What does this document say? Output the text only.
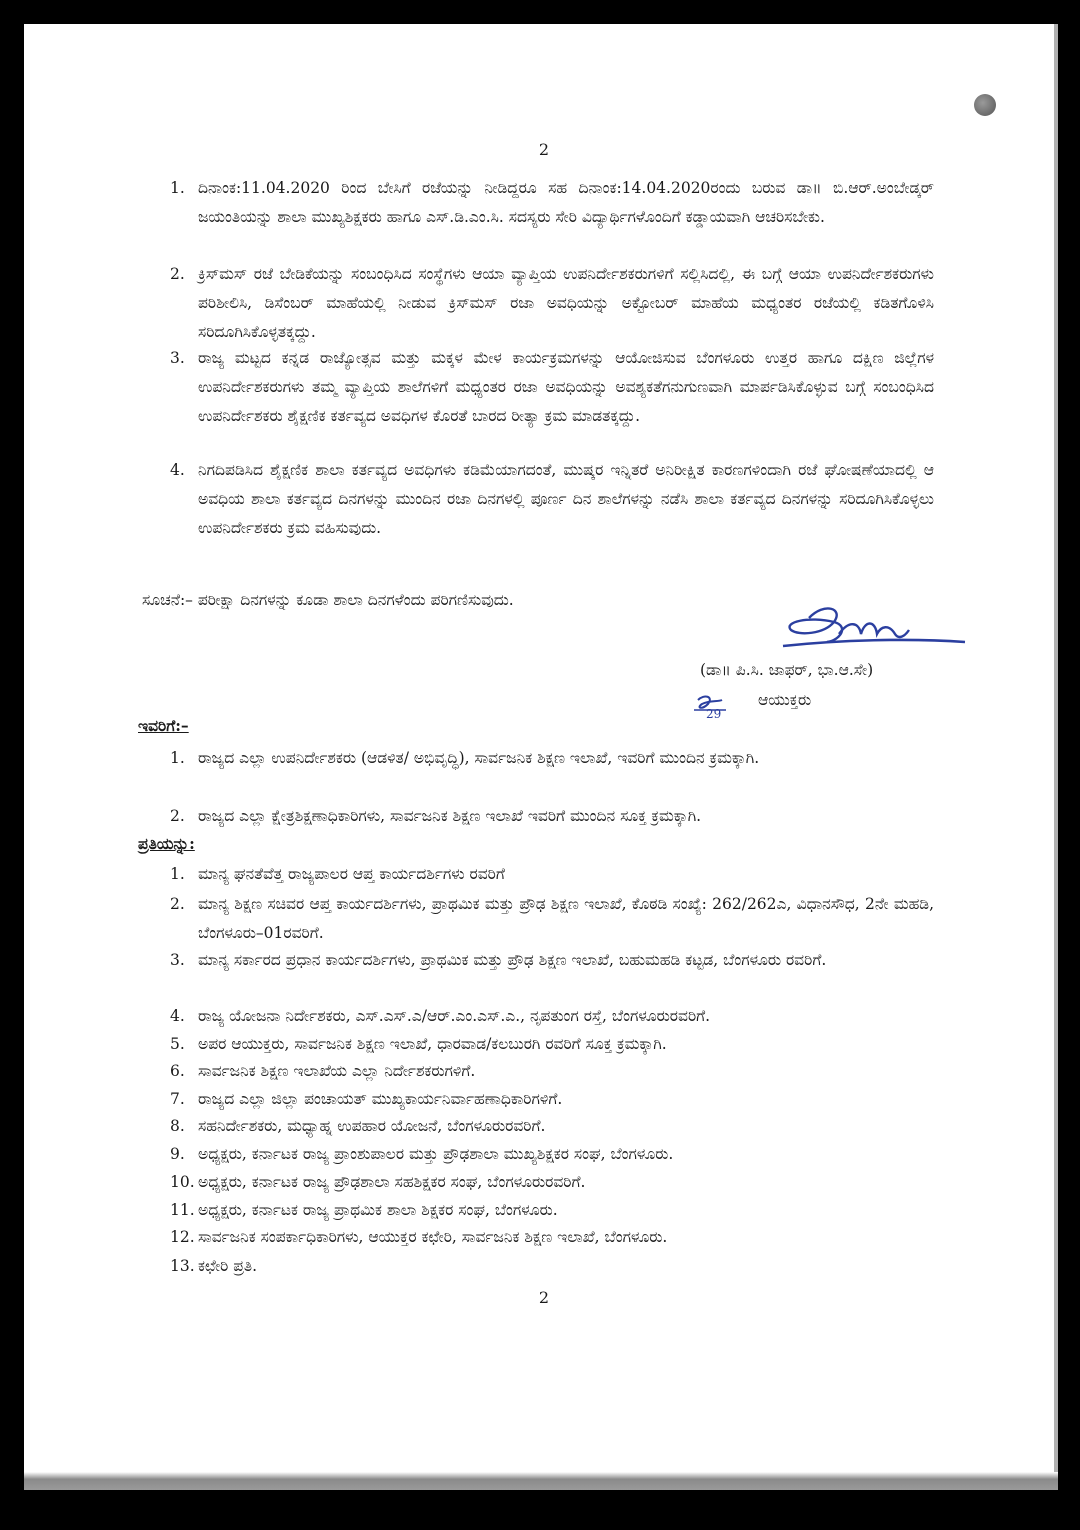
2
1. ದಿನಾಂಕ:11.04.2020 ರಿಂದ ಬೇಸಿಗೆ ರಜೆಯನ್ನು ನೀಡಿದ್ದರೂ ಸಹ ದಿನಾಂಕ:14.04.2020ರಂದು ಬರುವ ಡಾ॥ ಬಿ.ಆರ್.ಅಂಬೇಡ್ಕರ್ ಜಯಂತಿಯನ್ನು ಶಾಲಾ ಮುಖ್ಯಶಿಕ್ಷಕರು ಹಾಗೂ ಎಸ್.ಡಿ.ಎಂ.ಸಿ. ಸದಸ್ಯರು ಸೇರಿ ವಿದ್ಯಾರ್ಥಿಗಳೊಂದಿಗೆ ಕಡ್ಡಾಯವಾಗಿ ಆಚರಿಸಬೇಕು.
2. ಕ್ರಿಸ್‌ಮಸ್ ರಜೆ ಬೇಡಿಕೆಯನ್ನು ಸಂಬಂಧಿಸಿದ ಸಂಸ್ಥೆಗಳು ಆಯಾ ವ್ಯಾಪ್ತಿಯ ಉಪನಿರ್ದೇಶಕರುಗಳಿಗೆ ಸಲ್ಲಿಸಿದಲ್ಲಿ, ಈ ಬಗ್ಗೆ ಆಯಾ ಉಪನಿರ್ದೇಶಕರುಗಳು ಪರಿಶೀಲಿಸಿ, ಡಿಸೆಂಬರ್ ಮಾಹೆಯಲ್ಲಿ ನೀಡುವ ಕ್ರಿಸ್‌ಮಸ್ ರಜಾ ಅವಧಿಯನ್ನು ಅಕ್ಟೋಬರ್ ಮಾಹೆಯ ಮಧ್ಯಂತರ ರಜೆಯಲ್ಲಿ ಕಡಿತಗೊಳಿಸಿ ಸರಿದೂಗಿಸಿಕೊಳ್ಳತಕ್ಕದ್ದು.
3. ರಾಜ್ಯ ಮಟ್ಟದ ಕನ್ನಡ ರಾಜ್ಯೋತ್ಸವ ಮತ್ತು ಮಕ್ಕಳ ಮೇಳ ಕಾರ್ಯಕ್ರಮಗಳನ್ನು ಆಯೋಜಿಸುವ ಬೆಂಗಳೂರು ಉತ್ತರ ಹಾಗೂ ದಕ್ಷಿಣ ಜಿಲ್ಲೆಗಳ ಉಪನಿರ್ದೇಶಕರುಗಳು ತಮ್ಮ ವ್ಯಾಪ್ತಿಯ ಶಾಲೆಗಳಿಗೆ ಮಧ್ಯಂತರ ರಜಾ ಅವಧಿಯನ್ನು ಅವಶ್ಯಕತೆಗನುಗುಣವಾಗಿ ಮಾರ್ಪಡಿಸಿಕೊಳ್ಳುವ ಬಗ್ಗೆ ಸಂಬಂಧಿಸಿದ ಉಪನಿರ್ದೇಶಕರು ಶೈಕ್ಷಣಿಕ ಕರ್ತವ್ಯದ ಅವಧಿಗಳ ಕೊರತೆ ಬಾರದ ರೀತ್ಯಾ ಕ್ರಮ ಮಾಡತಕ್ಕದ್ದು.
4. ನಿಗದಿಪಡಿಸಿದ ಶೈಕ್ಷಣಿಕ ಶಾಲಾ ಕರ್ತವ್ಯದ ಅವಧಿಗಳು ಕಡಿಮೆಯಾಗದಂತೆ, ಮುಷ್ಕರ ಇನ್ನಿತರೆ ಅನಿರೀಕ್ಷಿತ ಕಾರಣಗಳಿಂದಾಗಿ ರಜೆ ಘೋಷಣೆಯಾದಲ್ಲಿ ಆ ಅವಧಿಯ ಶಾಲಾ ಕರ್ತವ್ಯದ ದಿನಗಳನ್ನು ಮುಂದಿನ ರಜಾ ದಿನಗಳಲ್ಲಿ ಪೂರ್ಣ ದಿನ ಶಾಲೆಗಳನ್ನು ನಡೆಸಿ ಶಾಲಾ ಕರ್ತವ್ಯದ ದಿನಗಳನ್ನು ಸರಿದೂಗಿಸಿಕೊಳ್ಳಲು ಉಪನಿರ್ದೇಶಕರು ಕ್ರಮ ವಹಿಸುವುದು.
ಸೂಚನೆ:– ಪರೀಕ್ಷಾ ದಿನಗಳನ್ನು ಕೂಡಾ ಶಾಲಾ ದಿನಗಳೆಂದು ಪರಿಗಣಿಸುವುದು.
(ಡಾ॥ ಪಿ.ಸಿ. ಜಾಫರ್, ಭಾ.ಆ.ಸೇ)
29
ಆಯುಕ್ತರು
ಇವರಿಗೆ:–
1. ರಾಜ್ಯದ ಎಲ್ಲಾ ಉಪನಿರ್ದೇಶಕರು (ಆಡಳಿತ/ ಅಭಿವೃದ್ಧಿ), ಸಾರ್ವಜನಿಕ ಶಿಕ್ಷಣ ಇಲಾಖೆ, ಇವರಿಗೆ ಮುಂದಿನ ಕ್ರಮಕ್ಕಾಗಿ.
2. ರಾಜ್ಯದ ಎಲ್ಲಾ ಕ್ಷೇತ್ರಶಿಕ್ಷಣಾಧಿಕಾರಿಗಳು, ಸಾರ್ವಜನಿಕ ಶಿಕ್ಷಣ ಇಲಾಖೆ ಇವರಿಗೆ ಮುಂದಿನ ಸೂಕ್ತ ಕ್ರಮಕ್ಕಾಗಿ.
ಪ್ರತಿಯನ್ನು:
1. ಮಾನ್ಯ ಘನತೆವೆತ್ತ ರಾಜ್ಯಪಾಲರ ಆಪ್ತ ಕಾರ್ಯದರ್ಶಿಗಳು ರವರಿಗೆ
2. ಮಾನ್ಯ ಶಿಕ್ಷಣ ಸಚಿವರ ಆಪ್ತ ಕಾರ್ಯದರ್ಶಿಗಳು, ಪ್ರಾಥಮಿಕ ಮತ್ತು ಪ್ರೌಢ ಶಿಕ್ಷಣ ಇಲಾಖೆ, ಕೊಠಡಿ ಸಂಖ್ಯೆ: 262/262ಎ, ವಿಧಾನಸೌಧ, 2ನೇ ಮಹಡಿ, ಬೆಂಗಳೂರು–01ರವರಿಗೆ.
3. ಮಾನ್ಯ ಸರ್ಕಾರದ ಪ್ರಧಾನ ಕಾರ್ಯದರ್ಶಿಗಳು, ಪ್ರಾಥಮಿಕ ಮತ್ತು ಪ್ರೌಢ ಶಿಕ್ಷಣ ಇಲಾಖೆ, ಬಹುಮಹಡಿ ಕಟ್ಟಡ, ಬೆಂಗಳೂರು ರವರಿಗೆ.
4. ರಾಜ್ಯ ಯೋಜನಾ ನಿರ್ದೇಶಕರು, ಎಸ್.ಎಸ್.ಎ/ಆರ್.ಎಂ.ಎಸ್.ಎ., ನೃಪತುಂಗ ರಸ್ತೆ, ಬೆಂಗಳೂರುರವರಿಗೆ.
5. ಅಪರ ಆಯುಕ್ತರು, ಸಾರ್ವಜನಿಕ ಶಿಕ್ಷಣ ಇಲಾಖೆ, ಧಾರವಾಡ/ಕಲಬುರಗಿ ರವರಿಗೆ ಸೂಕ್ತ ಕ್ರಮಕ್ಕಾಗಿ.
6. ಸಾರ್ವಜನಿಕ ಶಿಕ್ಷಣ ಇಲಾಖೆಯ ಎಲ್ಲಾ ನಿರ್ದೇಶಕರುಗಳಿಗೆ.
7. ರಾಜ್ಯದ ಎಲ್ಲಾ ಜಿಲ್ಲಾ ಪಂಚಾಯತ್ ಮುಖ್ಯಕಾರ್ಯನಿರ್ವಾಹಣಾಧಿಕಾರಿಗಳಿಗೆ.
8. ಸಹನಿರ್ದೇಶಕರು, ಮಧ್ಯಾಹ್ನ ಉಪಹಾರ ಯೋಜನೆ, ಬೆಂಗಳೂರುರವರಿಗೆ.
9. ಅಧ್ಯಕ್ಷರು, ಕರ್ನಾಟಕ ರಾಜ್ಯ ಪ್ರಾಂಶುಪಾಲರ ಮತ್ತು ಪ್ರೌಢಶಾಲಾ ಮುಖ್ಯಶಿಕ್ಷಕರ ಸಂಘ, ಬೆಂಗಳೂರು.
10. ಅಧ್ಯಕ್ಷರು, ಕರ್ನಾಟಕ ರಾಜ್ಯ ಪ್ರೌಢಶಾಲಾ ಸಹಶಿಕ್ಷಕರ ಸಂಘ, ಬೆಂಗಳೂರುರವರಿಗೆ.
11. ಅಧ್ಯಕ್ಷರು, ಕರ್ನಾಟಕ ರಾಜ್ಯ ಪ್ರಾಥಮಿಕ ಶಾಲಾ ಶಿಕ್ಷಕರ ಸಂಘ, ಬೆಂಗಳೂರು.
12. ಸಾರ್ವಜನಿಕ ಸಂಪರ್ಕಾಧಿಕಾರಿಗಳು, ಆಯುಕ್ತರ ಕಛೇರಿ, ಸಾರ್ವಜನಿಕ ಶಿಕ್ಷಣ ಇಲಾಖೆ, ಬೆಂಗಳೂರು.
13. ಕಛೇರಿ ಪ್ರತಿ.
2
